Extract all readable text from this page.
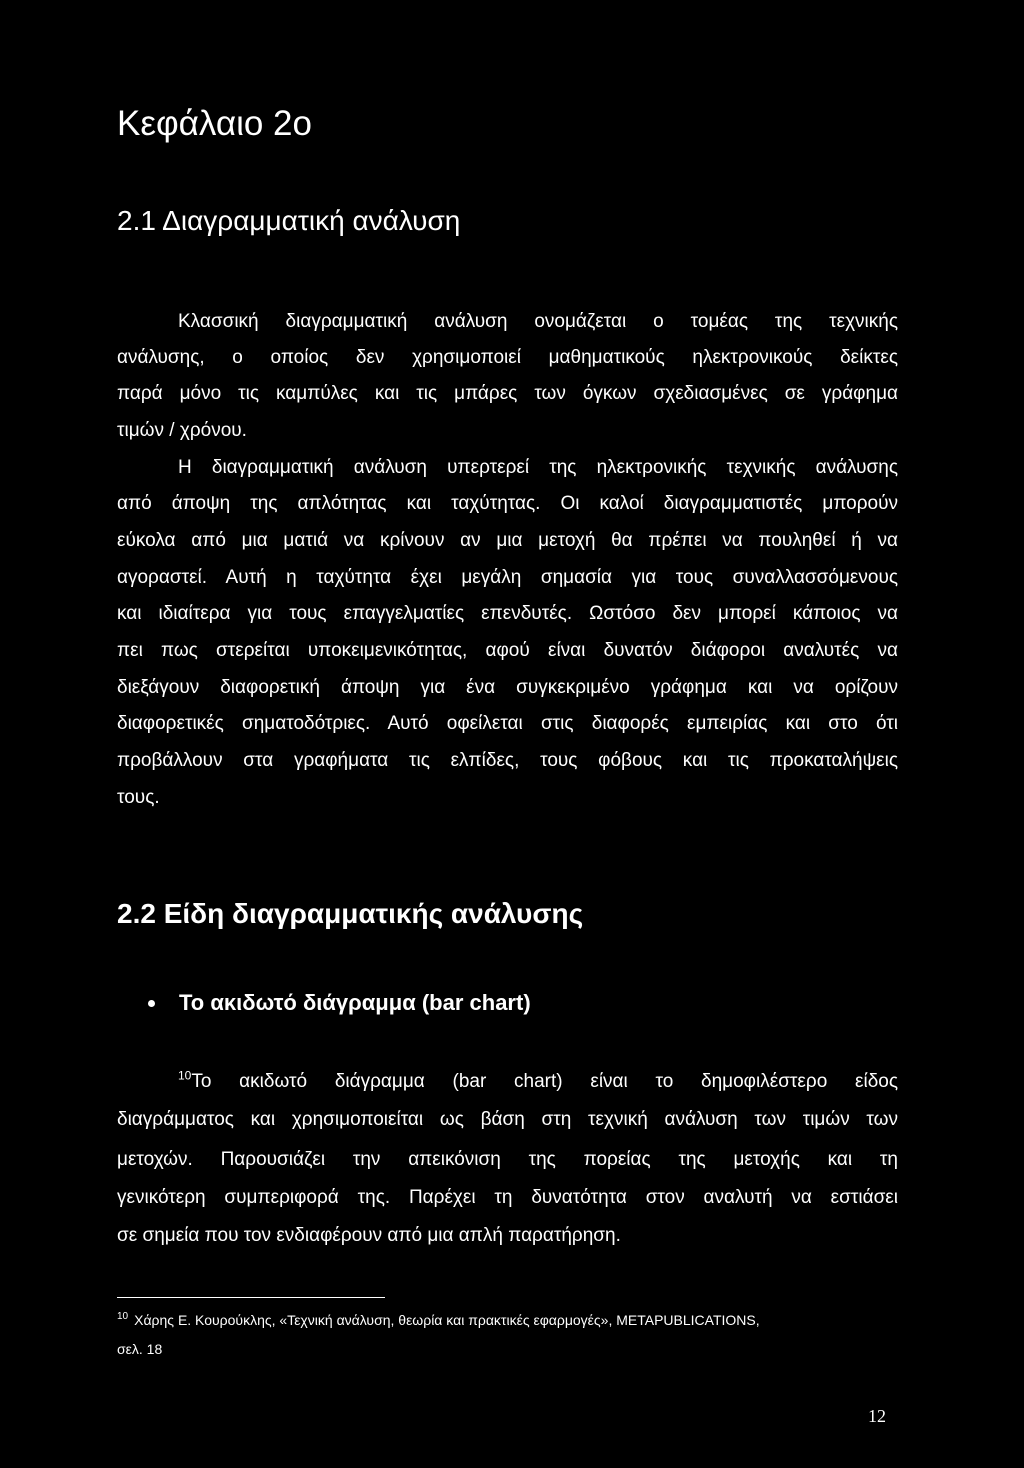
Κεφάλαιο 2ο
2.1 Διαγραμματική ανάλυση

Κλασσική διαγραμματική ανάλυση ονομάζεται ο τομέας της τεχνικής

ανάλυσης, ο οποίος δεν χρησιμοποιεί μαθηματικούς ηλεκτρονικούς δείκτες

παρά μόνο τις καμπύλες και τις μπάρες των όγκων σχεδιασμένες σε γράφημα

τιμών / χρόνου.

Η διαγραμματική ανάλυση υπερτερεί της ηλεκτρονικής τεχνικής ανάλυσης

από άποψη της απλότητας και ταχύτητας. Οι καλοί διαγραμματιστές μπορούν

εύκολα από μια ματιά να κρίνουν αν μια μετοχή θα πρέπει να πουληθεί ή να

αγοραστεί. Αυτή η ταχύτητα έχει μεγάλη σημασία για τους συναλλασσόμενους

και ιδιαίτερα για τους επαγγελματίες επενδυτές. Ωστόσο δεν μπορεί κάποιος να

πει πως στερείται υποκειμενικότητας, αφού είναι δυνατόν διάφοροι αναλυτές να

διεξάγουν διαφορετική άποψη για ένα συγκεκριμένο γράφημα και να ορίζουν

διαφορετικές σηματοδότριες. Αυτό οφείλεται στις διαφορές εμπειρίας και στο ότι

προβάλλουν στα γραφήματα τις ελπίδες, τους φόβους και τις προκαταλήψεις

τους.

2.2 Είδη διαγραμματικής ανάλυσης
Το ακιδωτό διάγραμμα (bar chart)

$^{10}$Το ακιδωτό διάγραμμα (bar chart) είναι το δημοφιλέστερο είδος

διαγράμματος και χρησιμοποιείται ως βάση στη τεχνική ανάλυση των τιμών των

μετοχών. Παρουσιάζει την απεικόνιση της πορείας της μετοχής και τη

γενικότερη συμπεριφορά της. Παρέχει τη δυνατότητα στον αναλυτή να εστιάσει

σε σημεία που τον ενδιαφέρουν από μια απλή παρατήρηση.

$^{10}$ Χάρης Ε. Κουρούκλης, «Τεχνική ανάλυση, θεωρία και πρακτικές εφαρμογές», METAPUBLICATIONS,

σελ. 18

12
